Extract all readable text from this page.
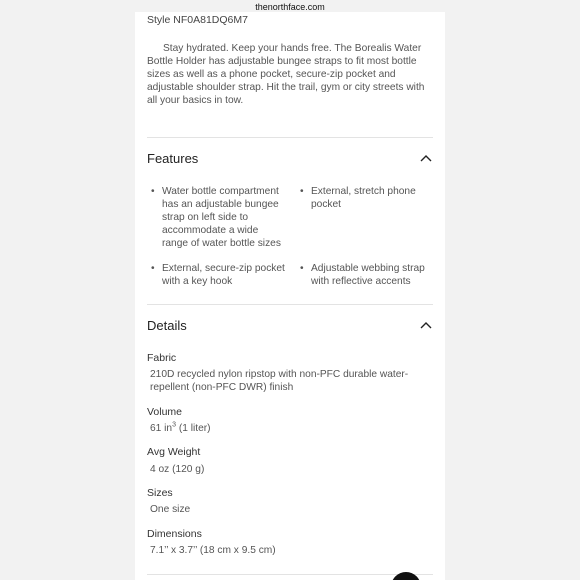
thenorthface.com
Style NF0A81DQ6M7
Stay hydrated. Keep your hands free. The Borealis Water Bottle Holder has adjustable bungee straps to fit most bottle sizes as well as a phone pocket, secure-zip pocket and adjustable shoulder strap. Hit the trail, gym or city streets with all your basics in tow.
Features
• Water bottle compartment has an adjustable bungee strap on left side to accommodate a wide range of water bottle sizes
• External, stretch phone pocket
• External, secure-zip pocket with a key hook
• Adjustable webbing strap with reflective accents
Details
Fabric
210D recycled nylon ripstop with non-PFC durable water-repellent (non-PFC DWR) finish
Volume
61 $in^3$ (1 liter)
Avg Weight
4 oz (120 g)
Sizes
One size
Dimensions
7.1’’ x 3.7’’ (18 cm x 9.5 cm)
